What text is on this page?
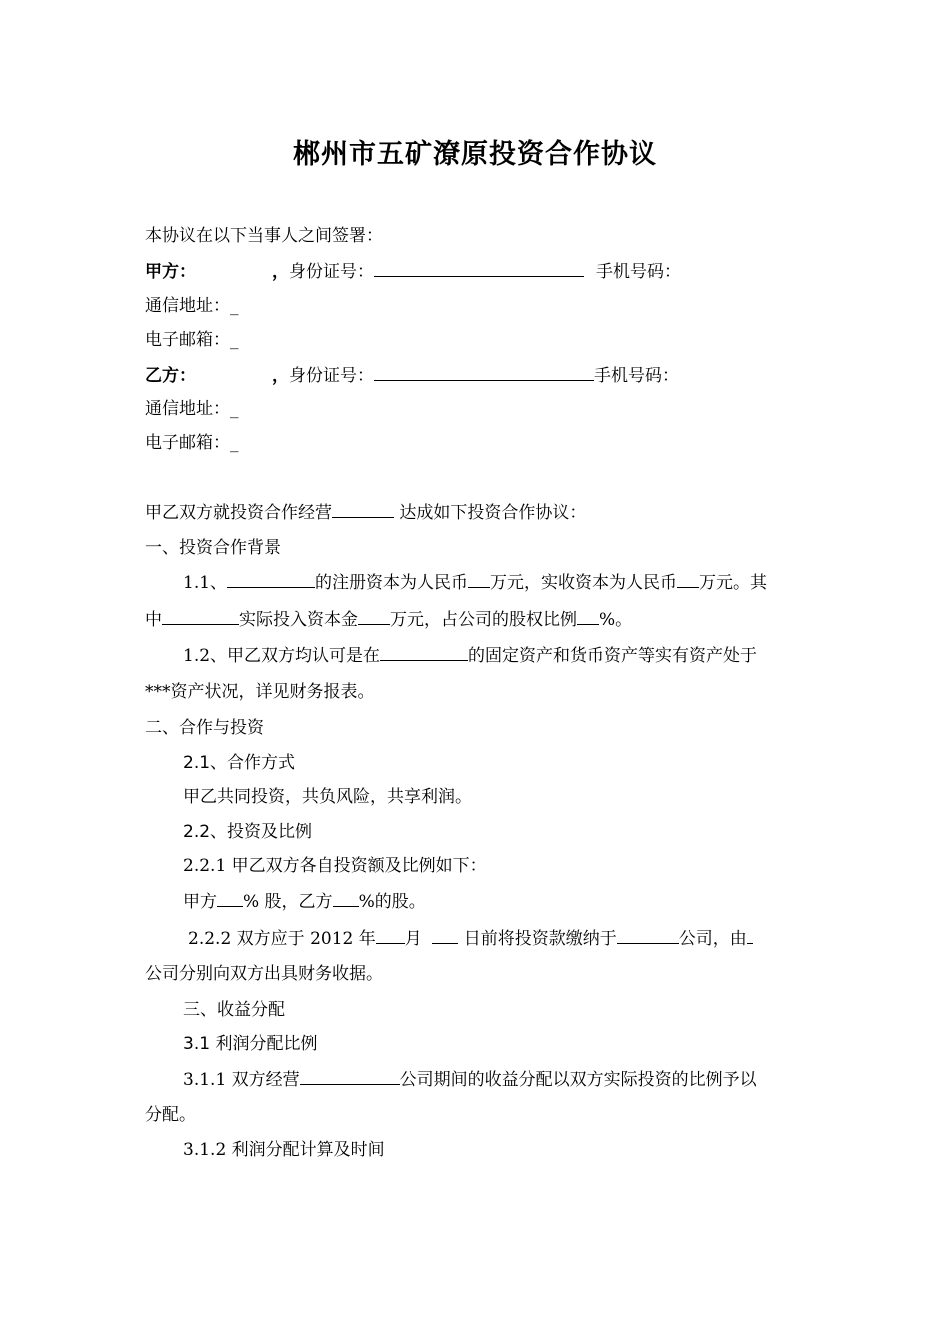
郴州市五矿潦原投资合作协议
本协议在以下当事人之间签署：
甲方：	，身份证号：	手机号码：
通信地址：_
电子邮箱：_
乙方：	，身份证号：	手机号码：
通信地址：_
电子邮箱：_
甲乙双方就投资合作经营	达成如下投资合作协议：
一、投资合作背景
1.1、	的注册资本为人民币 万元，实收资本为人民币 万元。其
中	实际投入资本金 万元，占公司的股权比例 %。
1.2、甲乙双方均认可是在	的固定资产和货币资产等实有资产处于
***资产状况，详见财务报表。
二、合作与投资
2.1、合作方式
甲乙共同投资，共负风险，共享利润。
2.2、投资及比例
2.2.1 甲乙双方各自投资额及比例如下：
甲方 % 股，乙方 %的股。
2.2.2 双方应于 2012 年 月 日前将投资款缴纳于	公司，由
公司分别向双方出具财务收据。
三、收益分配
3.1 利润分配比例
3.1.1 双方经营	公司期间的收益分配以双方实际投资的比例予以
分配。
3.1.2 利润分配计算及时间
